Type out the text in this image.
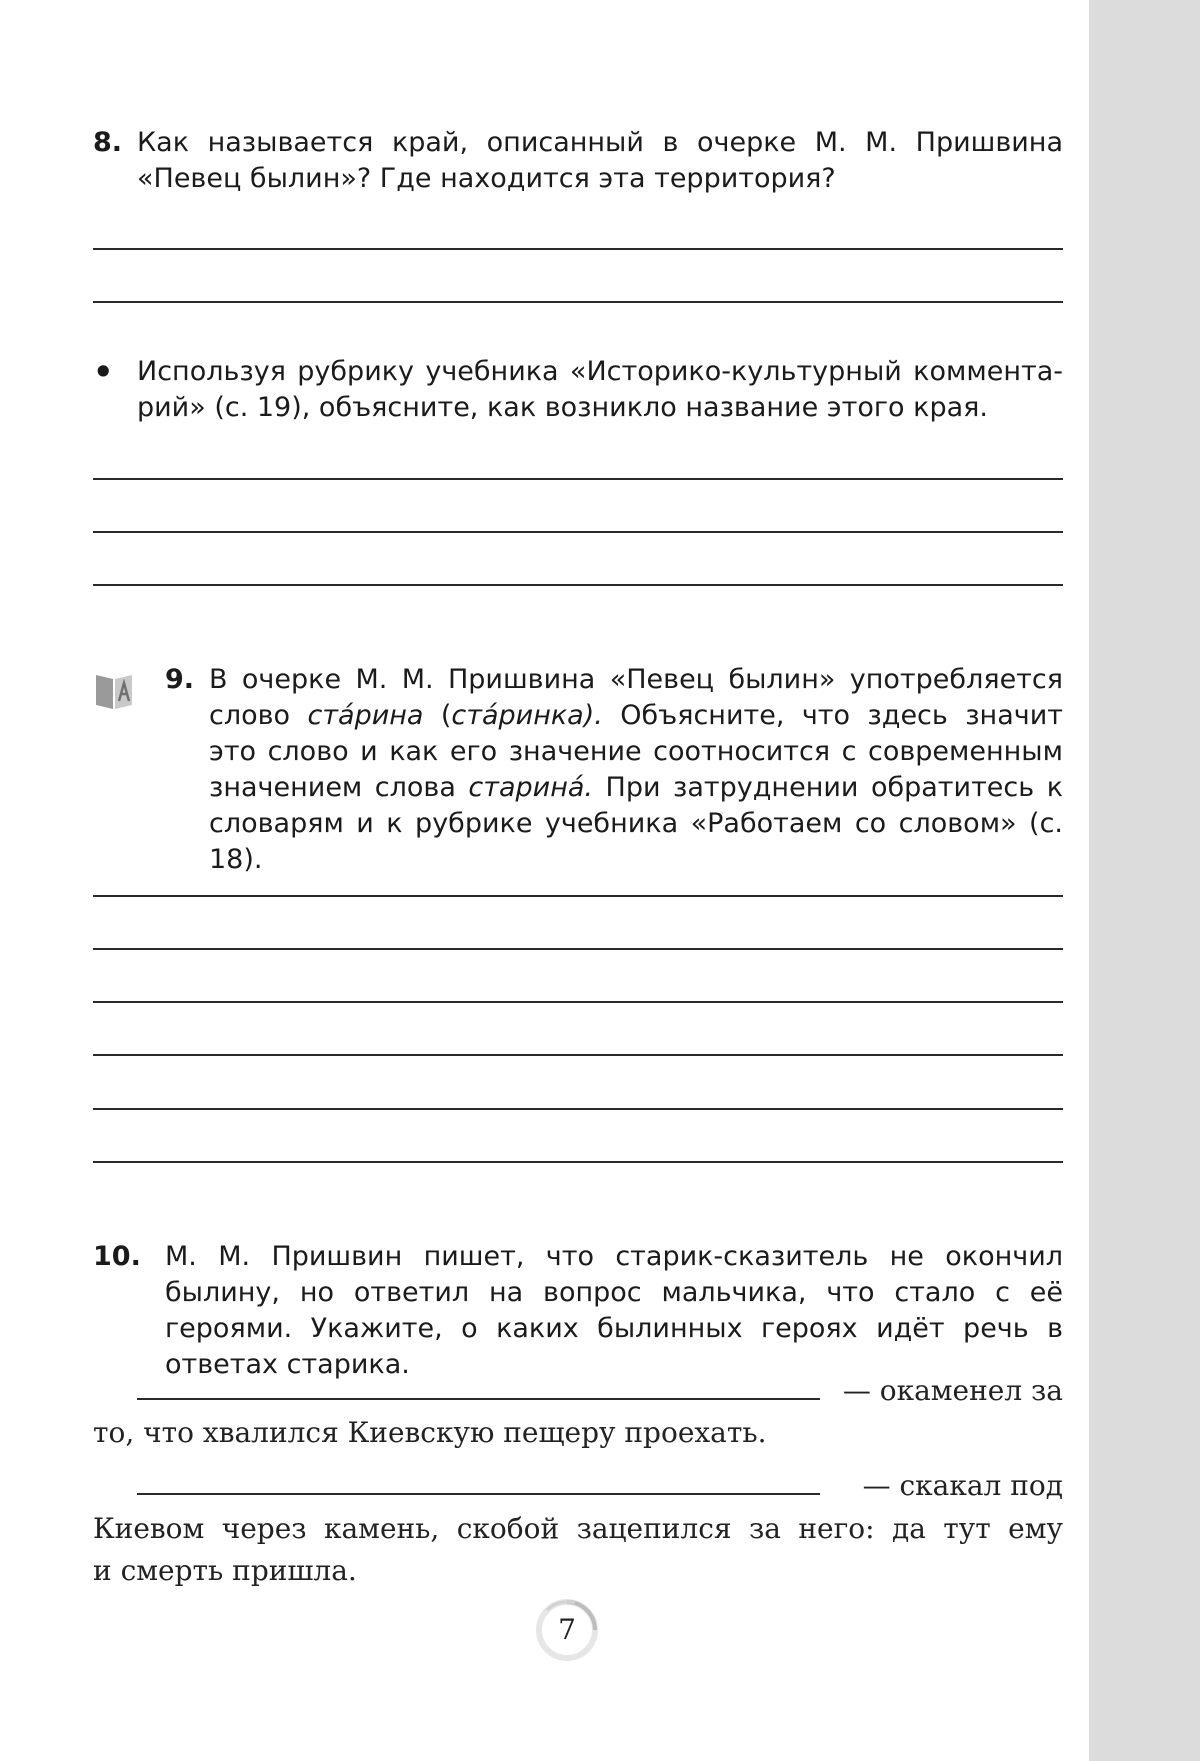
8. Как называется край, описанный в очерке М. М. Пришвина «Певец былин»? Где находится эта территория?
• Используя рубрику учебника «Историко-культурный коммента-рий» (с. 19), объясните, как возникло название этого края.
9. В очерке М. М. Пришвина «Певец былин» употребляется слово ста́рина (ста́ринка). Объясните, что здесь значит это слово и как его значение соотносится с современным значением слова старина́. При затруднении обратитесь к словарям и к рубрике учебника «Работаем со словом» (с. 18).
10. М. М. Пришвин пишет, что старик-сказитель не окончил былину, но ответил на вопрос мальчика, что стало с её героями. Укажите, о каких былинных героях идёт речь в ответах старика.
— окаменел за
то, что хвалился Киевскую пещеру проехать.
— скакал под
Киевом через камень, скобой зацепился за него: да тут ему
и смерть пришла.
7
